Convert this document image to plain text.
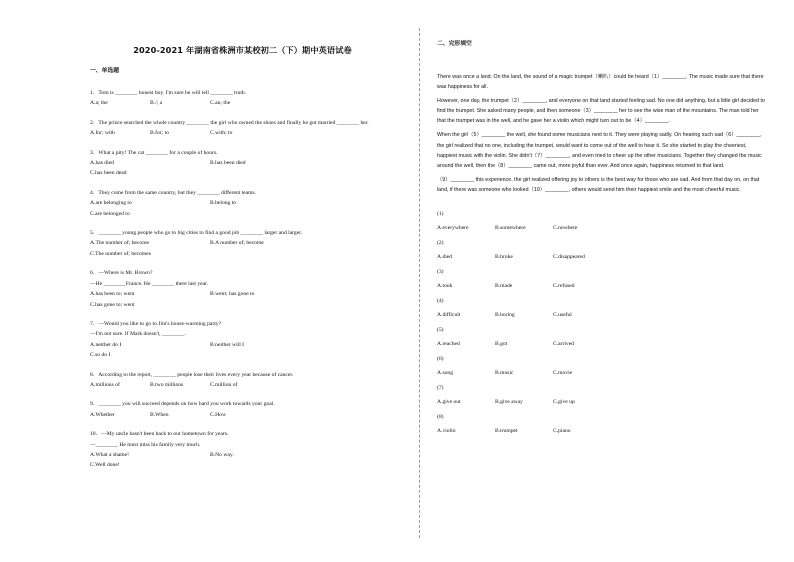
2020-2021 年湖南省株洲市某校初二（下）期中英语试卷
一、单选题
1．Tom is ________ honest boy. I'm sure he will tell ________ truth.
A.a; the	B./; a	C.an; the
2．The prince searched the whole country ________ the girl who owned the shoes and finally he got married ________ her.
A.for; with	B.for; to	C.with; to
3．What a pity! The cat ________ for a couple of hours.
A.has died	B.has been died
C.has been dead
4．They come from the same country, but they ________ different teams.
A.are belonging to	B.belong to
C.are belonged to
5．________ young people who go to big cities to find a good job ________ larger and larger.
A.The number of; become	B.A number of; become
C.The number of; becomes
6．—Where is Mr. Brown?
—He ________France. He ________ there last year.
A.has been to; went	B.went; has gone to
C.has gone to; went
7．—Would you like to go to Jim's house-warming party?
—I'm not sure. If Mark doesn't, ________.
A.neither do I	B.neither will I
C.so do I
8．According to the report, ________ people lose their lives every year because of cancer.
A.millions of	B.two millions	C.million of
9．________ you will succeed depends on how hard you work towards your goal.
A.Whether	B.When	C.How
10．—My uncle hasn't been back to our hometown for years.
—________ He must miss his family very much.
A.What a shame!	B.No way.
C.Well done!
二、完形填空

There was once a land. On the land, the sound of a magic trumpet（喇叭）could be heard（1）________. The music made sure that there was happiness for all.

However, one day, the trumpet（2）________, and everyone on that land started feeling sad. No one did anything, but a little girl decided to find the trumpet. She asked many people, and then someone（3）________ her to see the wise man of the mountains. The man told her that the trumpet was in the well, and he gave her a violin which might turn out to be（4）________.

When the girl（5）________ the well, she found some musicians next to it. They were playing sadly. On hearing such sad（6）________, the girl realized that no one, including the trumpet, would want to come out of the well to hear it. So she started to play the cheeriest, happiest music with the violin. She didn't（7）________, and even tried to cheer up the other musicians. Together they changed the music around the well, then the（8）________ came out, more joyful than ever. And once again, happiness returned to that land.

（9）________ this experience, the girl realized offering joy to others is the best way for those who are sad. And from that day on, on that land, if there was someone who looked（10）________, others would send him their happiest smile and the most cheerful music.

(1)
A.everywhere	B.somewhere	C.nowhere
(2)
A.died	B.broke	C.disappeared
(3)
A.took	B.made	C.refused
(4)
A.difficult	B.boring	C.useful
(5)
A.reached	B.got	C.arrived
(6)
A.song	B.music	C.movie
(7)
A.give out	B.give away	C.give up
(8)
A.violin	B.trumpet	C.piano
